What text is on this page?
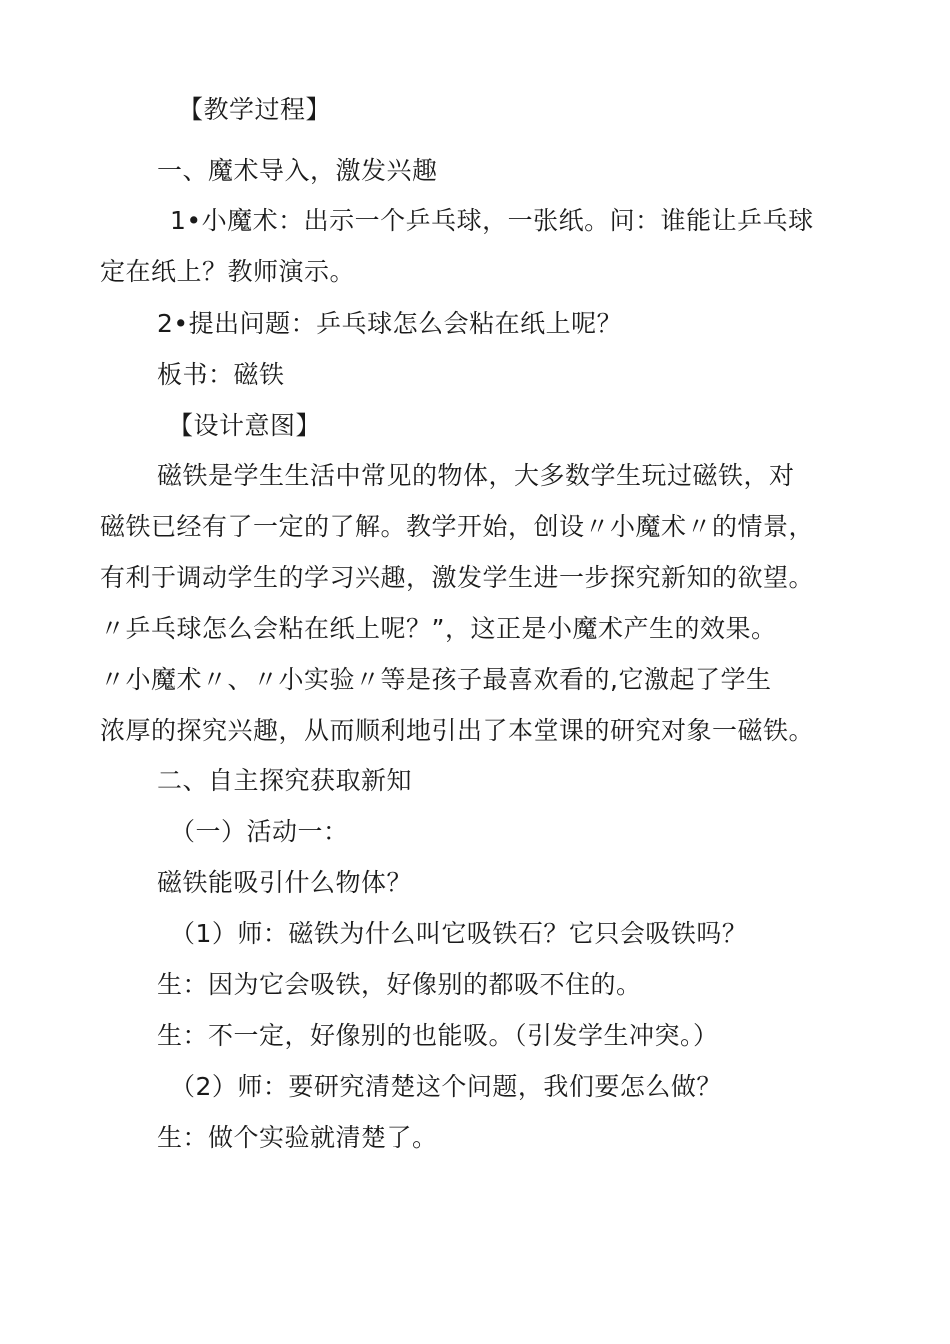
【教学过程】
一、魔术导入，激发兴趣
1•小魔术：出示一个乒乓球，一张纸。问：谁能让乒乓球
定在纸上？教师演示。
2•提出问题：乒乓球怎么会粘在纸上呢？
板书：磁铁
【设计意图】
磁铁是学生生活中常见的物体，大多数学生玩过磁铁，对
磁铁已经有了一定的了解。教学开始，创设〃小魔术〃的情景，
有利于调动学生的学习兴趣，激发学生进一步探究新知的欲望。
〃乒乓球怎么会粘在纸上呢？”，这正是小魔术产生的效果。
〃小魔术〃、〃小实验〃等是孩子最喜欢看的,它激起了学生
浓厚的探究兴趣，从而顺利地引出了本堂课的研究对象一磁铁。
二、自主探究获取新知
（一）活动一：
磁铁能吸引什么物体？
（1）师：磁铁为什么叫它吸铁石？它只会吸铁吗？
生：因为它会吸铁，好像别的都吸不住的。
生：不一定，好像别的也能吸。（引发学生冲突。）
（2）师：要研究清楚这个问题，我们要怎么做？
生：做个实验就清楚了。
